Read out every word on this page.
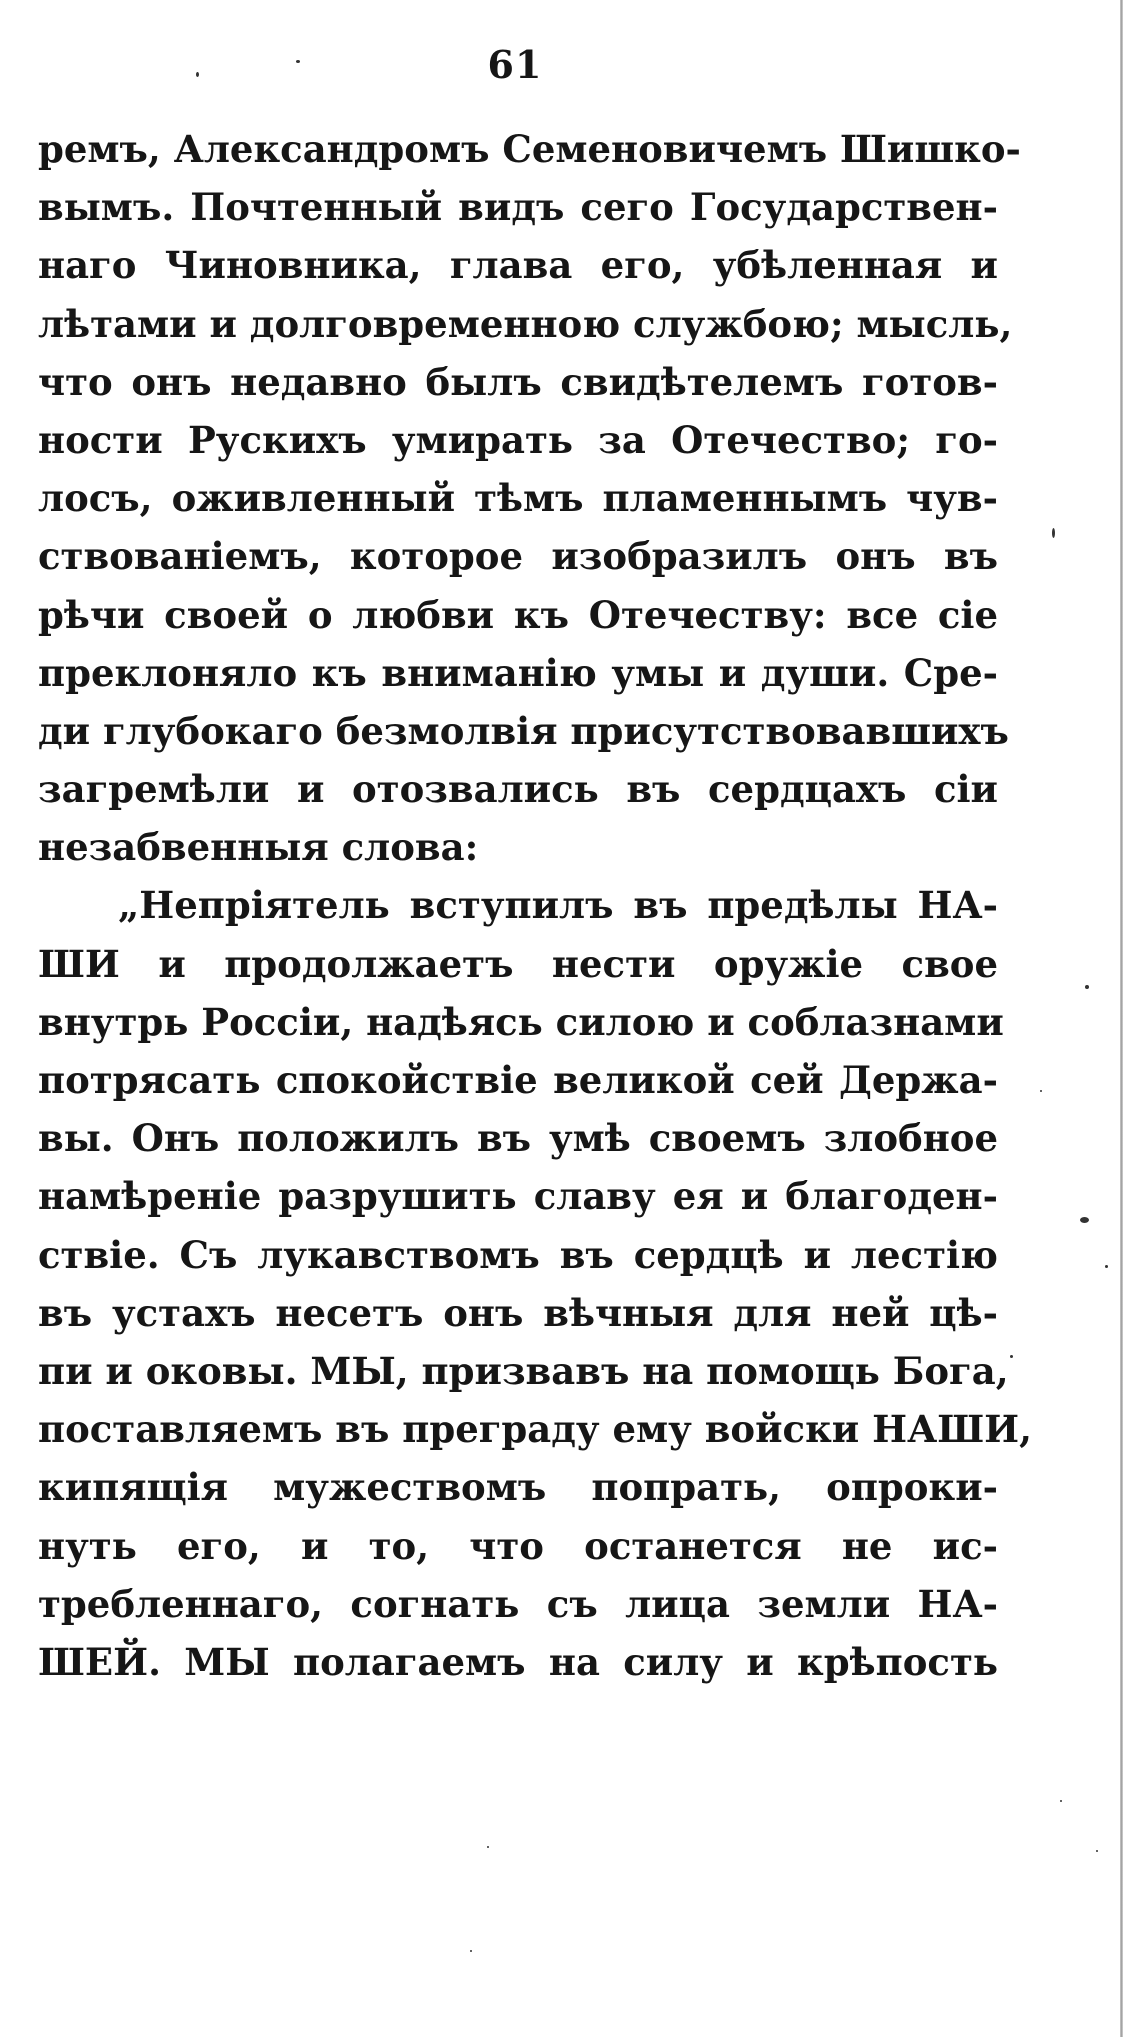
61
ремъ, Александромъ Семеновичемъ Шишко-
вымъ. Почтенный видъ сего Государствен-
наго Чиновника, глава его, убѣленная и
лѣтами и долговременною службою; мысль,
что онъ недавно былъ свидѣтелемъ готов-
ности Рускихъ умирать за Отечество; го-
лосъ, оживленный тѣмъ пламеннымъ чув-
ствованіемъ, которое изобразилъ онъ въ
рѣчи своей о любви къ Отечеству: все сіе
преклоняло къ вниманію умы и души. Сре-
ди глубокаго безмолвія присутствовавшихъ
загремѣли и отозвались въ сердцахъ сіи
незабвенныя слова:
„Непріятель вступилъ въ предѣлы НА-
ШИ и продолжаетъ нести оружіе свое
внутрь Россіи, надѣясь силою и соблазнами
потрясать спокойствіе великой сей Держа-
вы. Онъ положилъ въ умѣ своемъ злобное
намѣреніе разрушить славу ея и благоден-
ствіе. Съ лукавствомъ въ сердцѣ и лестію
въ устахъ несетъ онъ вѣчныя для ней цѣ-
пи и оковы. МЫ, призвавъ на помощь Бога,
поставляемъ въ преграду ему войски НАШИ,
кипящія мужествомъ попрать, опроки-
нуть его, и то, что останется не ис-
требленнаго, согнать съ лица земли НА-
ШЕЙ. МЫ полагаемъ на силу и крѣпость
